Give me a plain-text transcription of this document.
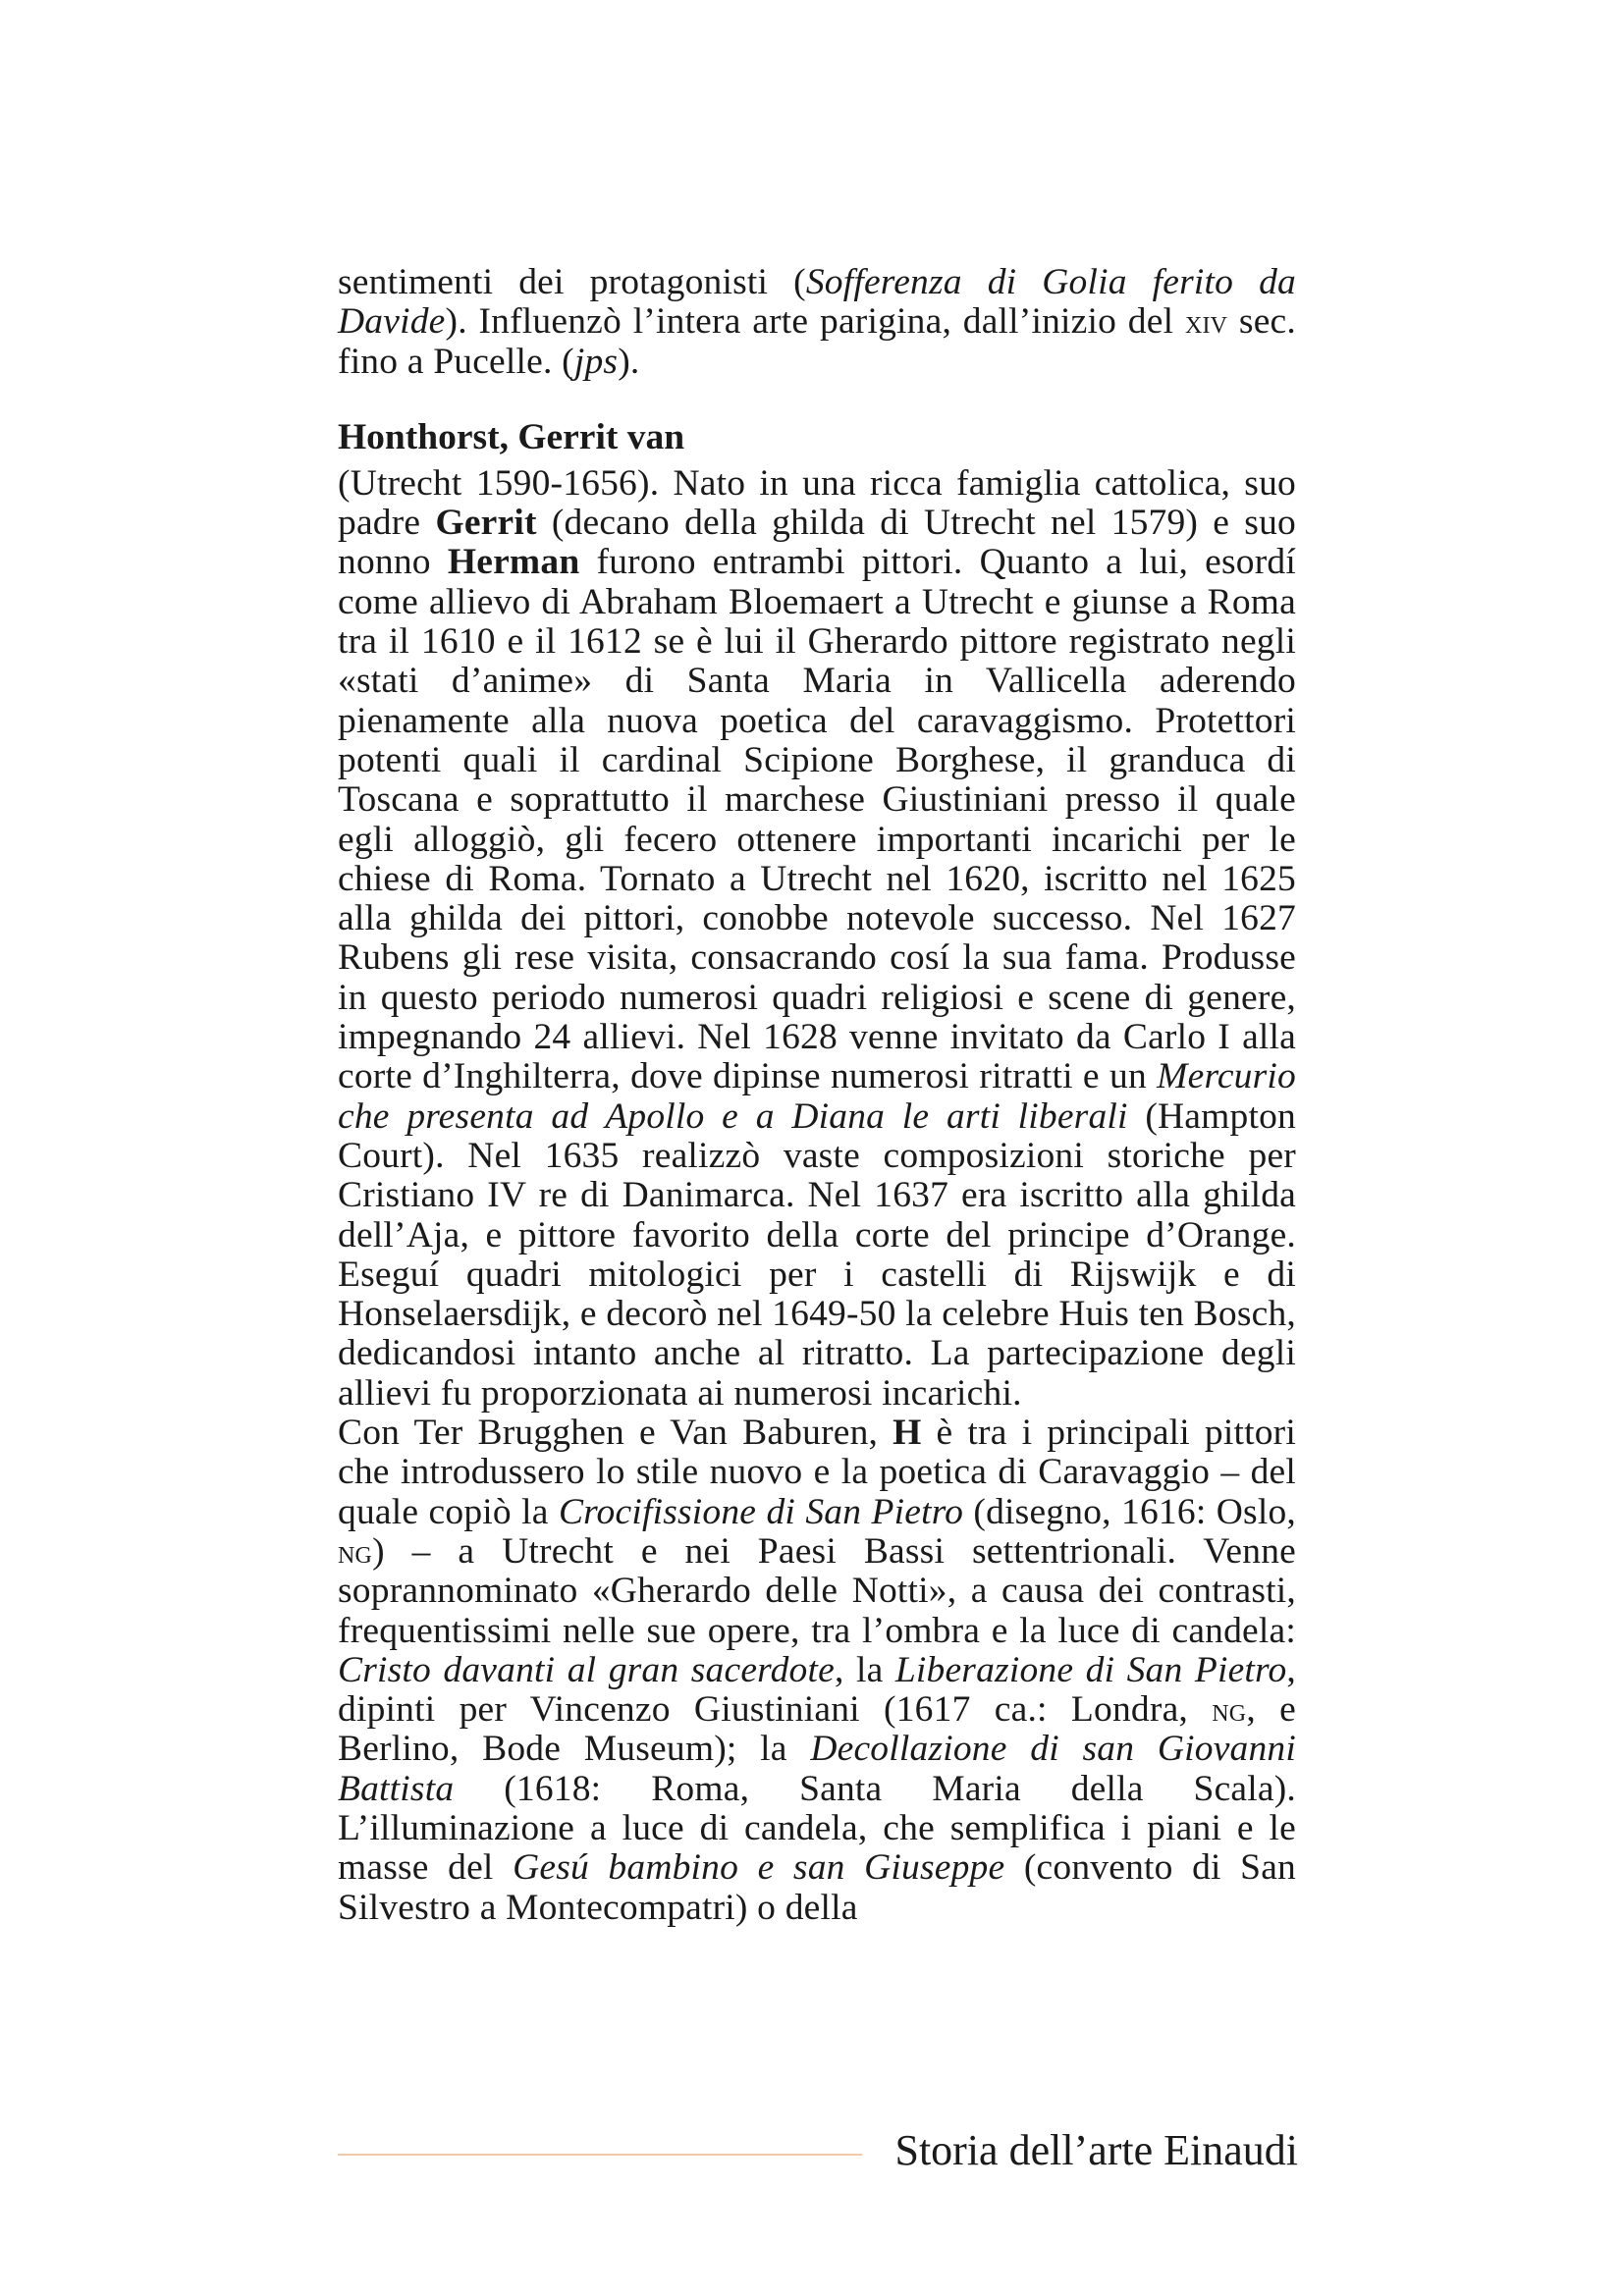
sentimenti dei protagonisti (Sofferenza di Golia ferito da Davide). Influenzò l’intera arte parigina, dall’inizio del xiv sec. fino a Pucelle. (jps).

Honthorst, Gerrit van

(Utrecht 1590-1656). Nato in una ricca famiglia cattolica, suo padre Gerrit (decano della ghilda di Utrecht nel 1579) e suo nonno Herman furono entrambi pittori. Quanto a lui, esordí come allievo di Abraham Bloemaert a Utrecht e giunse a Roma tra il 1610 e il 1612 se è lui il Gherardo pittore registrato negli «stati d’anime» di Santa Maria in Vallicella aderendo pienamente alla nuova poetica del caravaggismo. Protettori potenti quali il cardinal Scipione Borghese, il granduca di Toscana e soprattutto il marchese Giustiniani presso il quale egli alloggiò, gli fecero ottenere importanti incarichi per le chiese di Roma. Tornato a Utrecht nel 1620, iscritto nel 1625 alla ghilda dei pittori, conobbe notevole successo. Nel 1627 Rubens gli rese visita, consacrando cosí la sua fama. Produsse in questo periodo numerosi quadri religiosi e scene di genere, impegnando 24 allievi. Nel 1628 venne invitato da Carlo I alla corte d’Inghilterra, dove dipinse numerosi ritratti e un Mercurio che presenta ad Apollo e a Diana le arti liberali (Hampton Court). Nel 1635 realizzò vaste composizioni storiche per Cristiano IV re di Danimarca. Nel 1637 era iscritto alla ghilda dell’Aja, e pittore favorito della corte del principe d’Orange. Eseguí quadri mitologici per i castelli di Rijswijk e di Honselaersdijk, e decorò nel 1649-50 la celebre Huis ten Bosch, dedicandosi intanto anche al ritratto. La partecipazione degli allievi fu proporzionata ai numerosi incarichi.

Con Ter Brugghen e Van Baburen, H è tra i principali pittori che introdussero lo stile nuovo e la poetica di Caravaggio – del quale copiò la Crocifissione di San Pietro (disegno, 1616: Oslo, ng) – a Utrecht e nei Paesi Bassi settentrionali. Venne soprannominato «Gherardo delle Notti», a causa dei contrasti, frequentissimi nelle sue opere, tra l’ombra e la luce di candela: Cristo davanti al gran sacerdote, la Liberazione di San Pietro, dipinti per Vincenzo Giustiniani (1617 ca.: Londra, ng, e Berlino, Bode Museum); la Decollazione di san Giovanni Battista (1618: Roma, Santa Maria della Scala). L’illuminazione a luce di candela, che semplifica i piani e le masse del Gesú bambino e san Giuseppe (convento di San Silvestro a Montecompatri) o della

Storia dell’arte Einaudi
